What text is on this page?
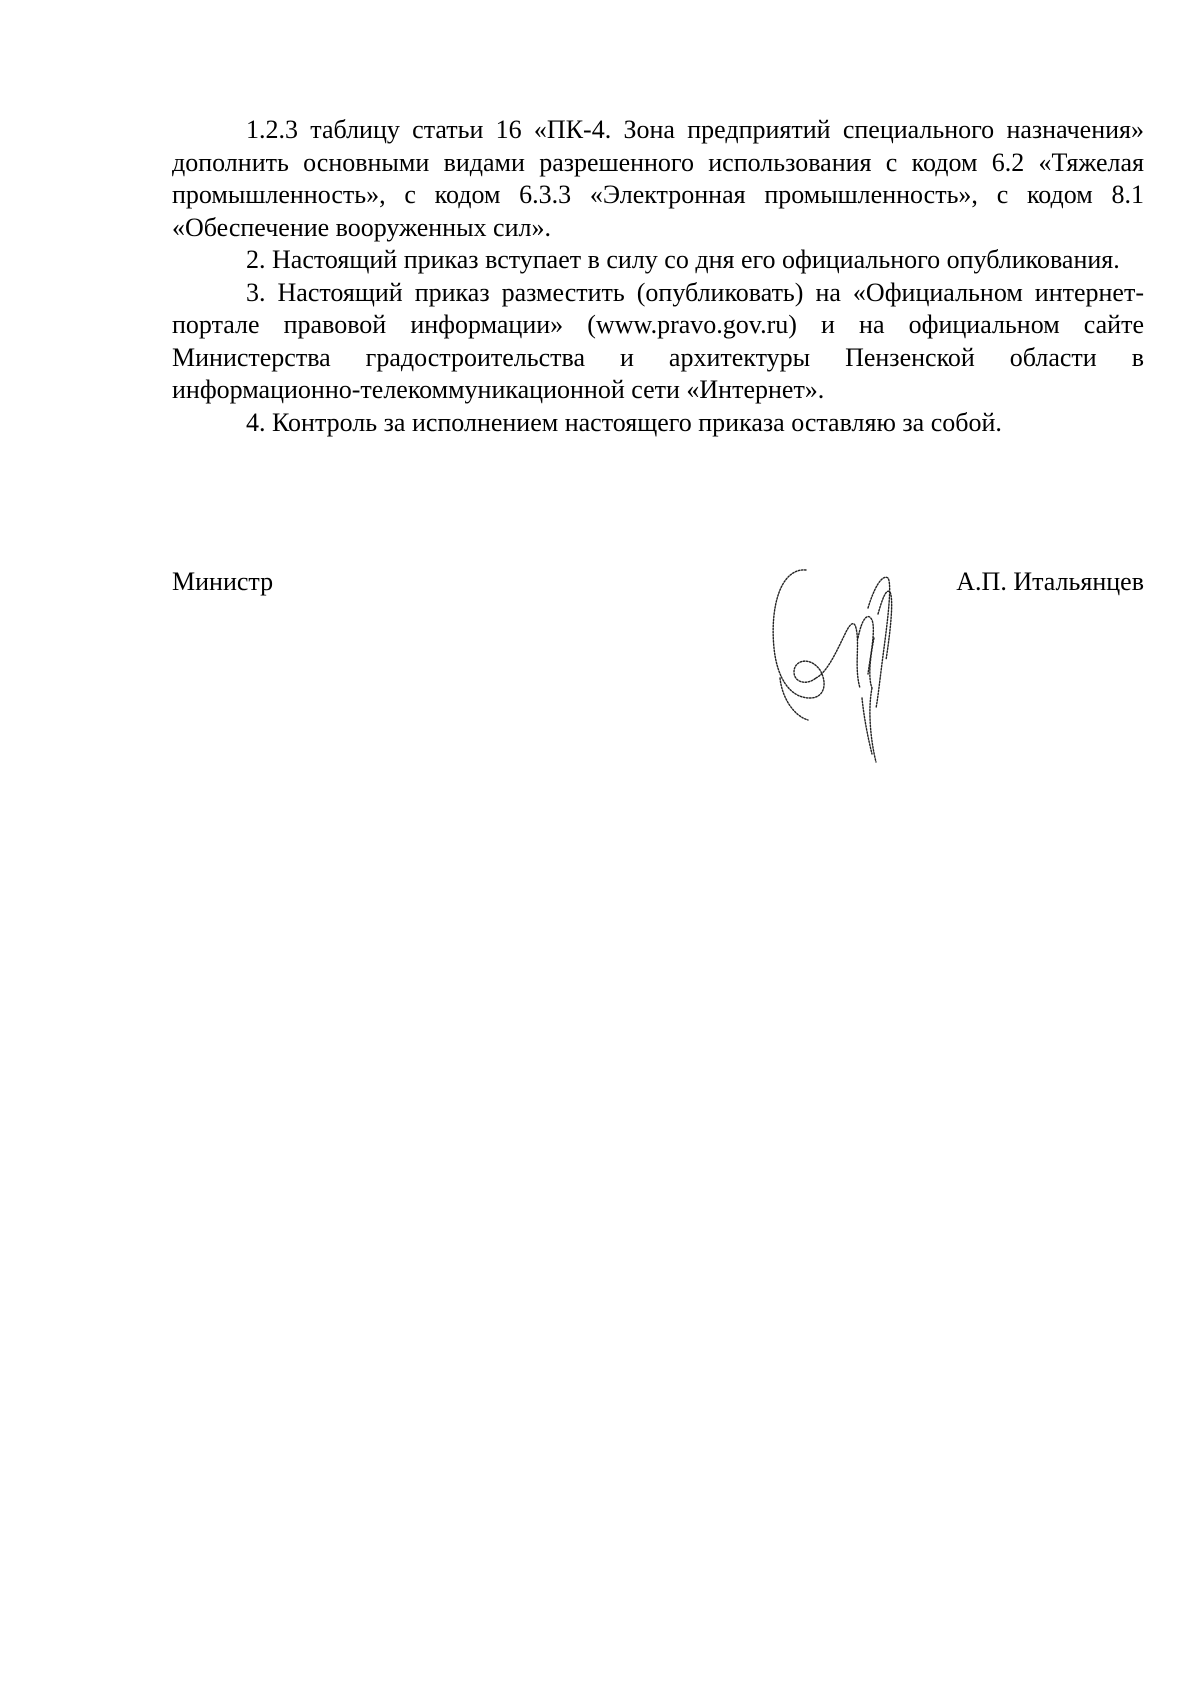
1.2.3 таблицу статьи 16 «ПК-4. Зона предприятий специального назначения» дополнить основными видами разрешенного использования с кодом 6.2 «Тяжелая промышленность», с кодом 6.3.3 «Электронная промышленность», с кодом 8.1 «Обеспечение вооруженных сил».

2. Настоящий приказ вступает в силу со дня его официального опубликования.

3. Настоящий приказ разместить (опубликовать) на «Официальном интернет-портале правовой информации» (www.pravo.gov.ru) и на официальном сайте Министерства градостроительства и архитектуры Пензенской области в информационно-телекоммуникационной сети «Интернет».

4. Контроль за исполнением настоящего приказа оставляю за собой.

Министр	А.П. Итальянцев
